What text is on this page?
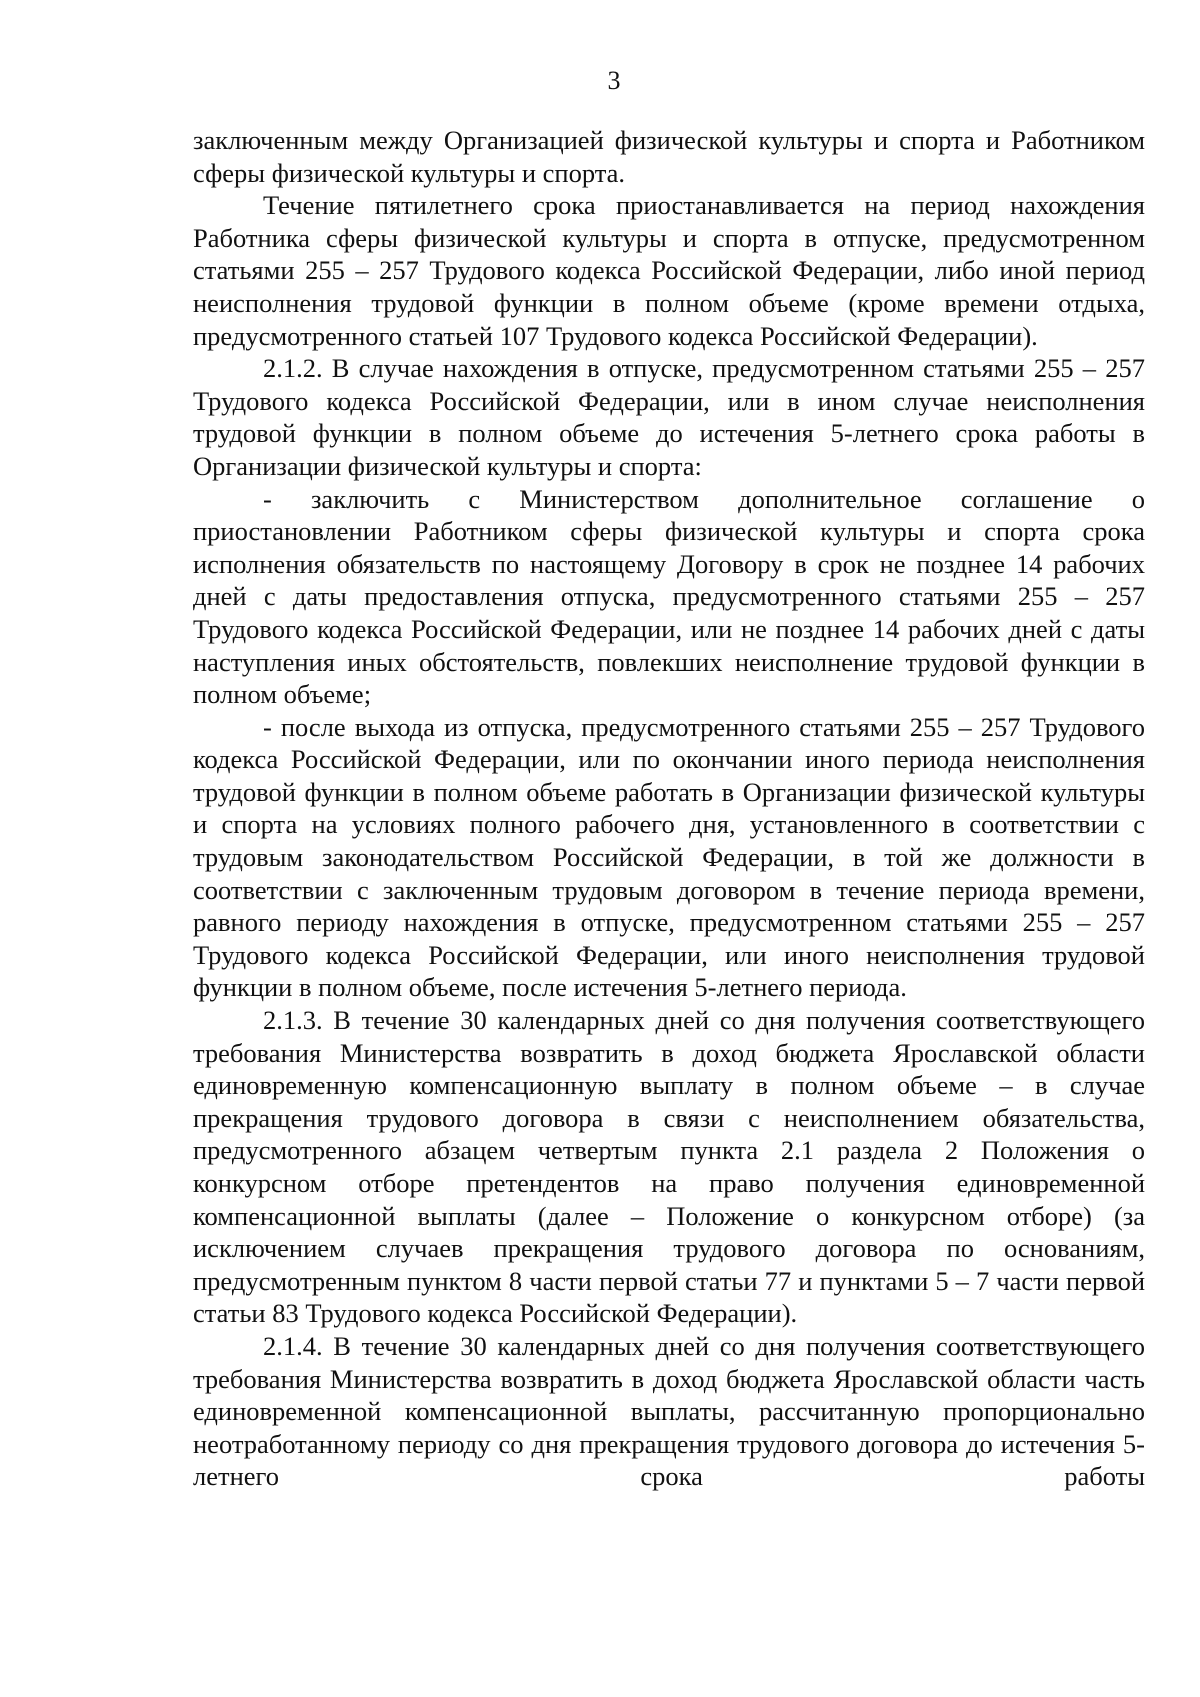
3

заключенным между Организацией физической культуры и спорта и Работником сферы физической культуры и спорта.

Течение пятилетнего срока приостанавливается на период нахождения Работника сферы физической культуры и спорта в отпуске, предусмотренном статьями 255 – 257 Трудового кодекса Российской Федерации, либо иной период неисполнения трудовой функции в полном объеме (кроме времени отдыха, предусмотренного статьей 107 Трудового кодекса Российской Федерации).

2.1.2. В случае нахождения в отпуске, предусмотренном статьями 255 – 257 Трудового кодекса Российской Федерации, или в ином случае неисполнения трудовой функции в полном объеме до истечения 5-летнего срока работы в Организации физической культуры и спорта:

- заключить с Министерством дополнительное соглашение о приостановлении Работником сферы физической культуры и спорта срока исполнения обязательств по настоящему Договору в срок не позднее 14 рабочих дней с даты предоставления отпуска, предусмотренного статьями 255 – 257 Трудового кодекса Российской Федерации, или не позднее 14 рабочих дней с даты наступления иных обстоятельств, повлекших неисполнение трудовой функции в полном объеме;

- после выхода из отпуска, предусмотренного статьями 255 – 257 Трудового кодекса Российской Федерации, или по окончании иного периода неисполнения трудовой функции в полном объеме работать в Организации физической культуры и спорта на условиях полного рабочего дня, установленного в соответствии с трудовым законодательством Российской Федерации, в той же должности в соответствии с заключенным трудовым договором в течение периода времени, равного периоду нахождения в отпуске, предусмотренном статьями 255 – 257 Трудового кодекса Российской Федерации, или иного неисполнения трудовой функции в полном объеме, после истечения 5-летнего периода.

2.1.3. В течение 30 календарных дней со дня получения соответствующего требования Министерства возвратить в доход бюджета Ярославской области единовременную компенсационную выплату в полном объеме – в случае прекращения трудового договора в связи с неисполнением обязательства, предусмотренного абзацем четвертым пункта 2.1 раздела 2 Положения о конкурсном отборе претендентов на право получения единовременной компенсационной выплаты (далее – Положение о конкурсном отборе) (за исключением случаев прекращения трудового договора по основаниям, предусмотренным пунктом 8 части первой статьи 77 и пунктами 5 – 7 части первой статьи 83 Трудового кодекса Российской Федерации).

2.1.4. В течение 30 календарных дней со дня получения соответствующего требования Министерства возвратить в доход бюджета Ярославской области часть единовременной компенсационной выплаты, рассчитанную пропорционально неотработанному периоду со дня прекращения трудового договора до истечения 5-летнего срока работы
